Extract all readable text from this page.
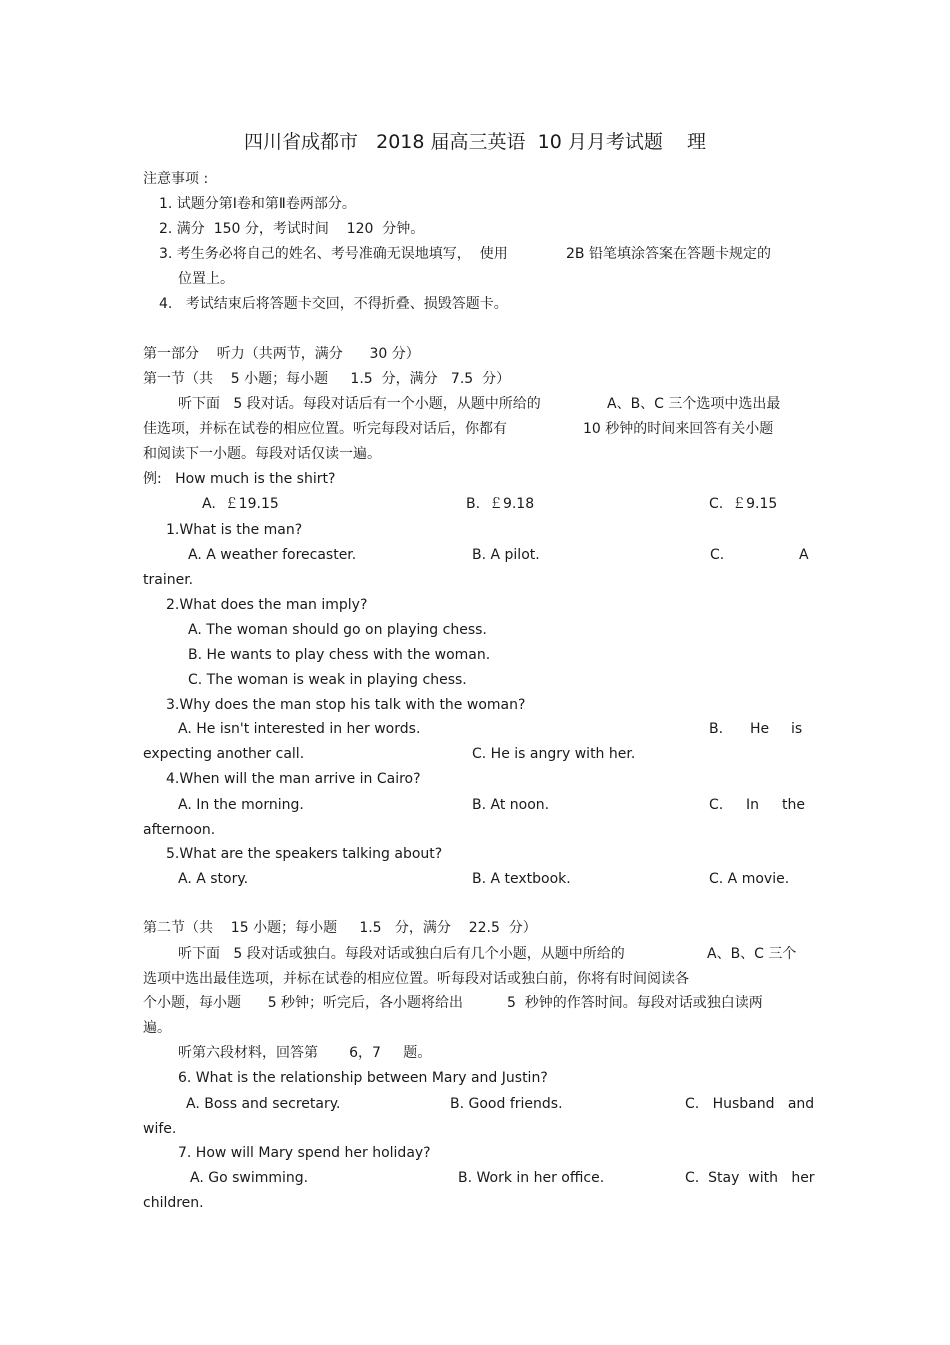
四川省成都市   2018 届高三英语  10 月月考试题    理
注意事项 :
1. 试题分第Ⅰ卷和第Ⅱ卷两部分。
2. 满分  150 分，考试时间    120  分钟。
3. 考生务必将自己的姓名、考号准确无误地填写，  使用	2B 铅笔填涂答案在答题卡规定的
位置上。
4.   考试结束后将答题卡交回，不得折叠、损毁答题卡。
第一部分    听力（共两节，满分      30 分）
第一节（共    5 小题；每小题     1.5  分，满分   7.5  分）
听下面   5 段对话。每段对话后有一个小题，从题中所给的	A、B、C 三个选项中选出最
佳选项，并标在试卷的相应位置。听完每段对话后，你都有	10 秒钟的时间来回答有关小题
和阅读下一小题。每段对话仅读一遍。
例:   How much is the shirt?
A.  ￡19.15	B.  ￡9.18	C.  ￡9.15
1.What is the man?
A. A weather forecaster.	B. A pilot.	C.	A
trainer.
2.What does the man imply?
A. The woman should go on playing chess.
B. He wants to play chess with the woman.
C. The woman is weak in playing chess.
3.Why does the man stop his talk with the woman?
A. He isn't interested in her words.	B. He is
expecting another call.	C. He is angry with her.
4.When will the man arrive in Cairo?
A. In the morning.	B. At noon.	C. In the
afternoon.
5.What are the speakers talking about?
A. A story.	B. A textbook.	C. A movie.
第二节（共    15 小题；每小题     1.5   分，满分    22.5  分）
听下面   5 段对话或独白。每段对话或独白后有几个小题，从题中所给的	A、B、C 三个
选项中选出最佳选项，并标在试卷的相应位置。听每段对话或独白前，你将有时间阅读各
个小题，每小题      5 秒钟；听完后，各小题将给出	5  秒钟的作答时间。每段对话或独白读两
遍。
听第六段材料，回答第       6，7     题。
6. What is the relationship between Mary and Justin?
A. Boss and secretary.	B. Good friends.	C.   Husband   and
wife.
7. How will Mary spend her holiday?
A. Go swimming.	B. Work in her office.	C.  Stay  with   her
children.
